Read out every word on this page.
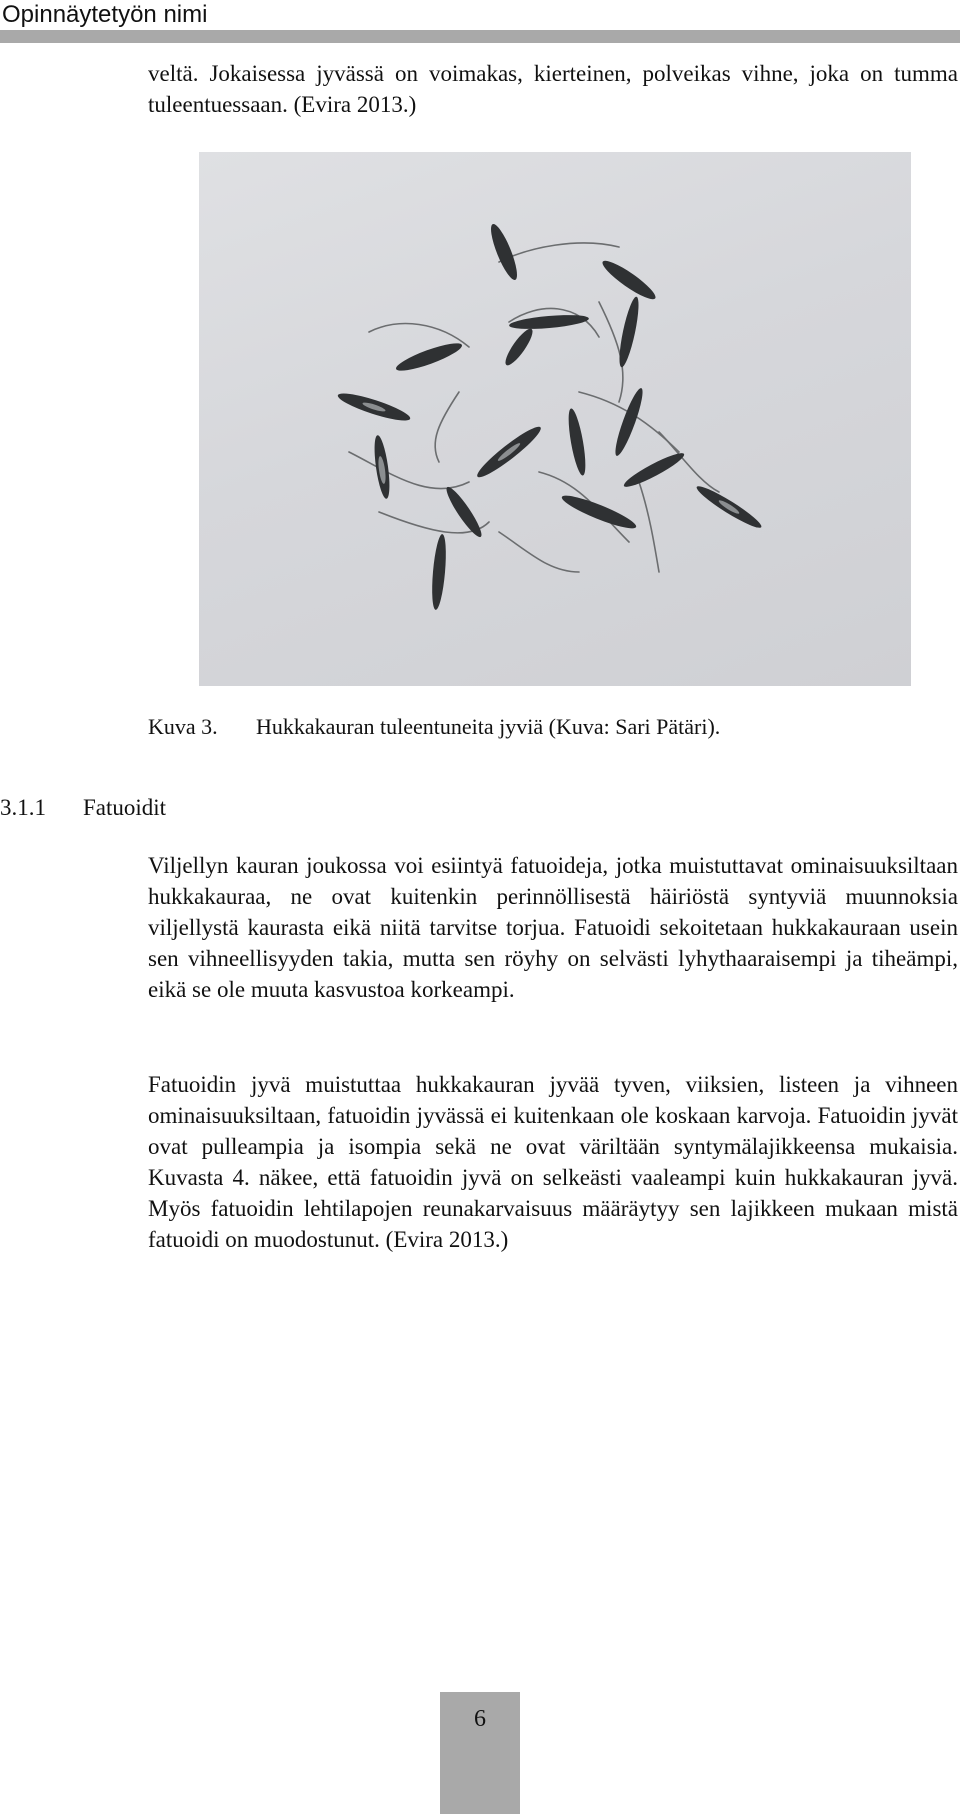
Opinnäytetyön nimi

veltä. Jokaisessa jyvässä on voimakas, kierteinen, polveikas vihne, joka on tumma tuleentuessaan. (Evira 2013.)

Kuva 3. Hukkakauran tuleentuneita jyviä (Kuva: Sari Pätäri).
3.1.1 Fatuoidit

Viljellyn kauran joukossa voi esiintyä fatuoideja, jotka muistuttavat ominaisuuksiltaan hukkakauraa, ne ovat kuitenkin perinnöllisestä häiriöstä syntyviä muunnoksia viljellystä kaurasta eikä niitä tarvitse torjua. Fatuoidi sekoitetaan hukkakauraan usein sen vihneellisyyden takia, mutta sen röyhy on selvästi lyhythaaraisempi ja tiheämpi, eikä se ole muuta kasvustoa korkeampi.

Fatuoidin jyvä muistuttaa hukkakauran jyvää tyven, viiksien, listeen ja vihneen ominaisuuksiltaan, fatuoidin jyvässä ei kuitenkaan ole koskaan karvoja. Fatuoidin jyvät ovat pulleampia ja isompia sekä ne ovat väriltään syntymälajikkeensa mukaisia. Kuvasta 4. näkee, että fatuoidin jyvä on selkeästi vaaleampi kuin hukkakauran jyvä. Myös fatuoidin lehtilapojen reunakarvaisuus määräytyy sen lajikkeen mukaan mistä fatuoidi on muodostunut. (Evira 2013.)

6
